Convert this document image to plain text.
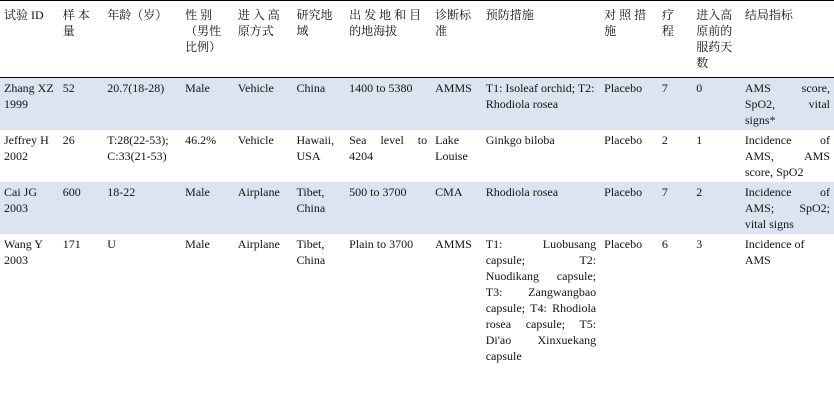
试验 ID	样 本 量	年龄（岁）	性 别 （男性 比例）	进 入 高 原方式	研究地域	出 发 地 和 目 的地海拔	诊断标 准	预防措施	对 照 措 施	疗 程	进入高 原前的 服药天 数	结局指标
Zhang XZ 1999	52	20.7(18-28)	Male	Vehicle	China	1400 to 5380	AMMS	T1: Isoleaf orchid; T2: Rhodiola rosea	Placebo	7	0	AMS score, SpO2, vital signs*
Jeffrey H 2002	26	T:28(22-53); C:33(21-53)	46.2%	Vehicle	Hawaii, USA	Sea level to 4204	Lake Louise	Ginkgo biloba	Placebo	2	1	Incidence of AMS, AMS score, SpO2
Cai JG 2003	600	18-22	Male	Airplane	Tibet, China	500 to 3700	CMA	Rhodiola rosea	Placebo	7	2	Incidence of AMS; SpO2; vital signs
Wang Y 2003	171	U	Male	Airplane	Tibet, China	Plain to 3700	AMMS	T1: Luobusang capsule; T2: Nuodikang capsule; T3: Zangwangbao capsule; T4: Rhodiola rosea capsule; T5: Di'ao Xinxuekang capsule	Placebo	6	3	Incidence of AMS
